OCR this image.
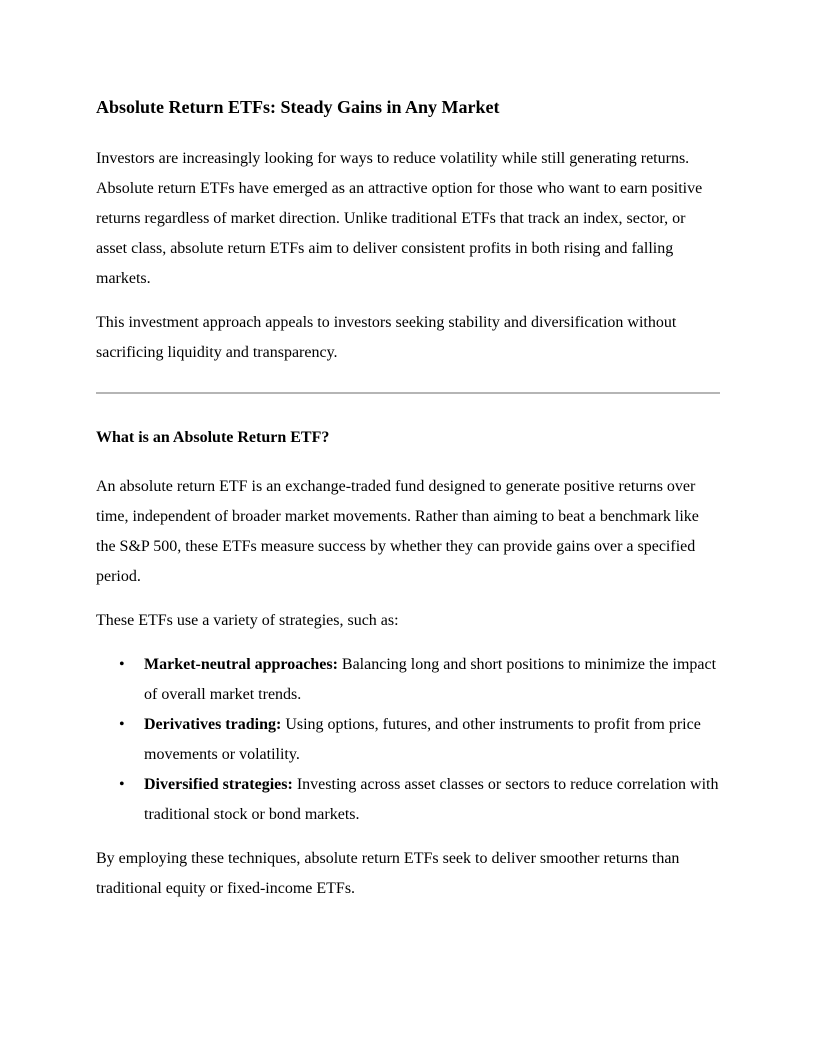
Absolute Return ETFs: Steady Gains in Any Market

Investors are increasingly looking for ways to reduce volatility while still generating returns. Absolute return ETFs have emerged as an attractive option for those who want to earn positive returns regardless of market direction. Unlike traditional ETFs that track an index, sector, or asset class, absolute return ETFs aim to deliver consistent profits in both rising and falling markets.

This investment approach appeals to investors seeking stability and diversification without sacrificing liquidity and transparency.

What is an Absolute Return ETF?

An absolute return ETF is an exchange-traded fund designed to generate positive returns over time, independent of broader market movements. Rather than aiming to beat a benchmark like the S&P 500, these ETFs measure success by whether they can provide gains over a specified period.

These ETFs use a variety of strategies, such as:

• Market-neutral approaches: Balancing long and short positions to minimize the impact of overall market trends.
• Derivatives trading: Using options, futures, and other instruments to profit from price movements or volatility.
• Diversified strategies: Investing across asset classes or sectors to reduce correlation with traditional stock or bond markets.

By employing these techniques, absolute return ETFs seek to deliver smoother returns than traditional equity or fixed-income ETFs.
